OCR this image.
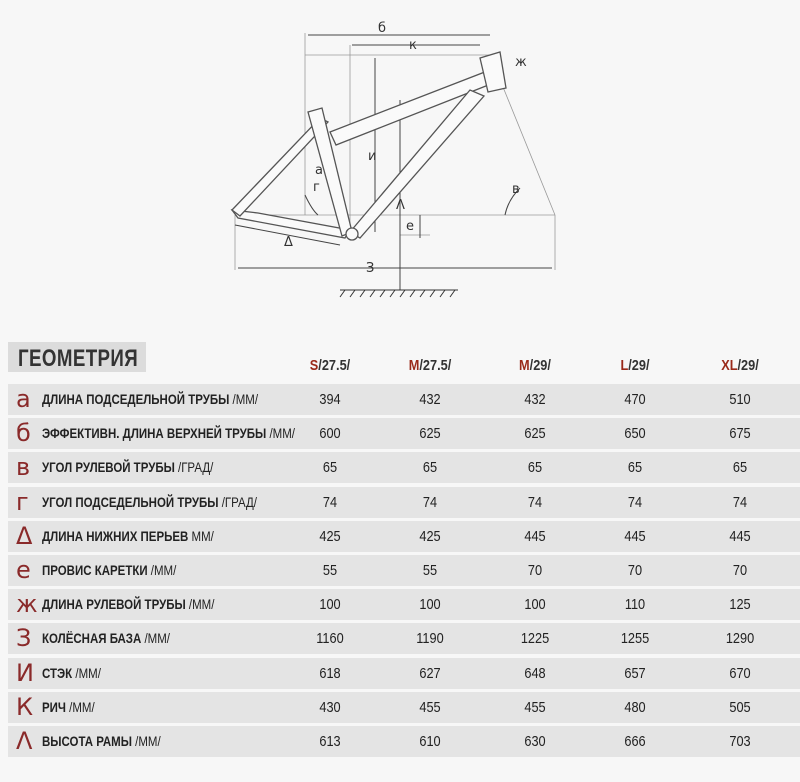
б
к
ж
и
а
г
Λ
в
е
Δ
З
ГЕОМЕТРИЯ	S/27.5/	M/27.5/	M/29/	L/29/	XL/29/
а ДЛИНА ПОДСЕДЕЛЬНОЙ ТРУБЫ /ММ/	394	432	432	470	510
б ЭФФЕКТИВН. ДЛИНА ВЕРХНЕЙ ТРУБЫ /ММ/	600	625	625	650	675
в УГОЛ РУЛЕВОЙ ТРУБЫ /ГРАД/	65	65	65	65	65
г УГОЛ ПОДСЕДЕЛЬНОЙ ТРУБЫ /ГРАД/	74	74	74	74	74
Δ ДЛИНА НИЖНИХ ПЕРЬЕВ ММ/	425	425	445	445	445
е ПРОВИС КАРЕТКИ /ММ/	55	55	70	70	70
ж ДЛИНА РУЛЕВОЙ ТРУБЫ /ММ/	100	100	100	110	125
З КОЛЁСНАЯ БАЗА /ММ/	1160	1190	1225	1255	1290
И СТЭК /ММ/	618	627	648	657	670
К РИЧ /ММ/	430	455	455	480	505
Λ ВЫСОТА РАМЫ /ММ/	613	610	630	666	703
